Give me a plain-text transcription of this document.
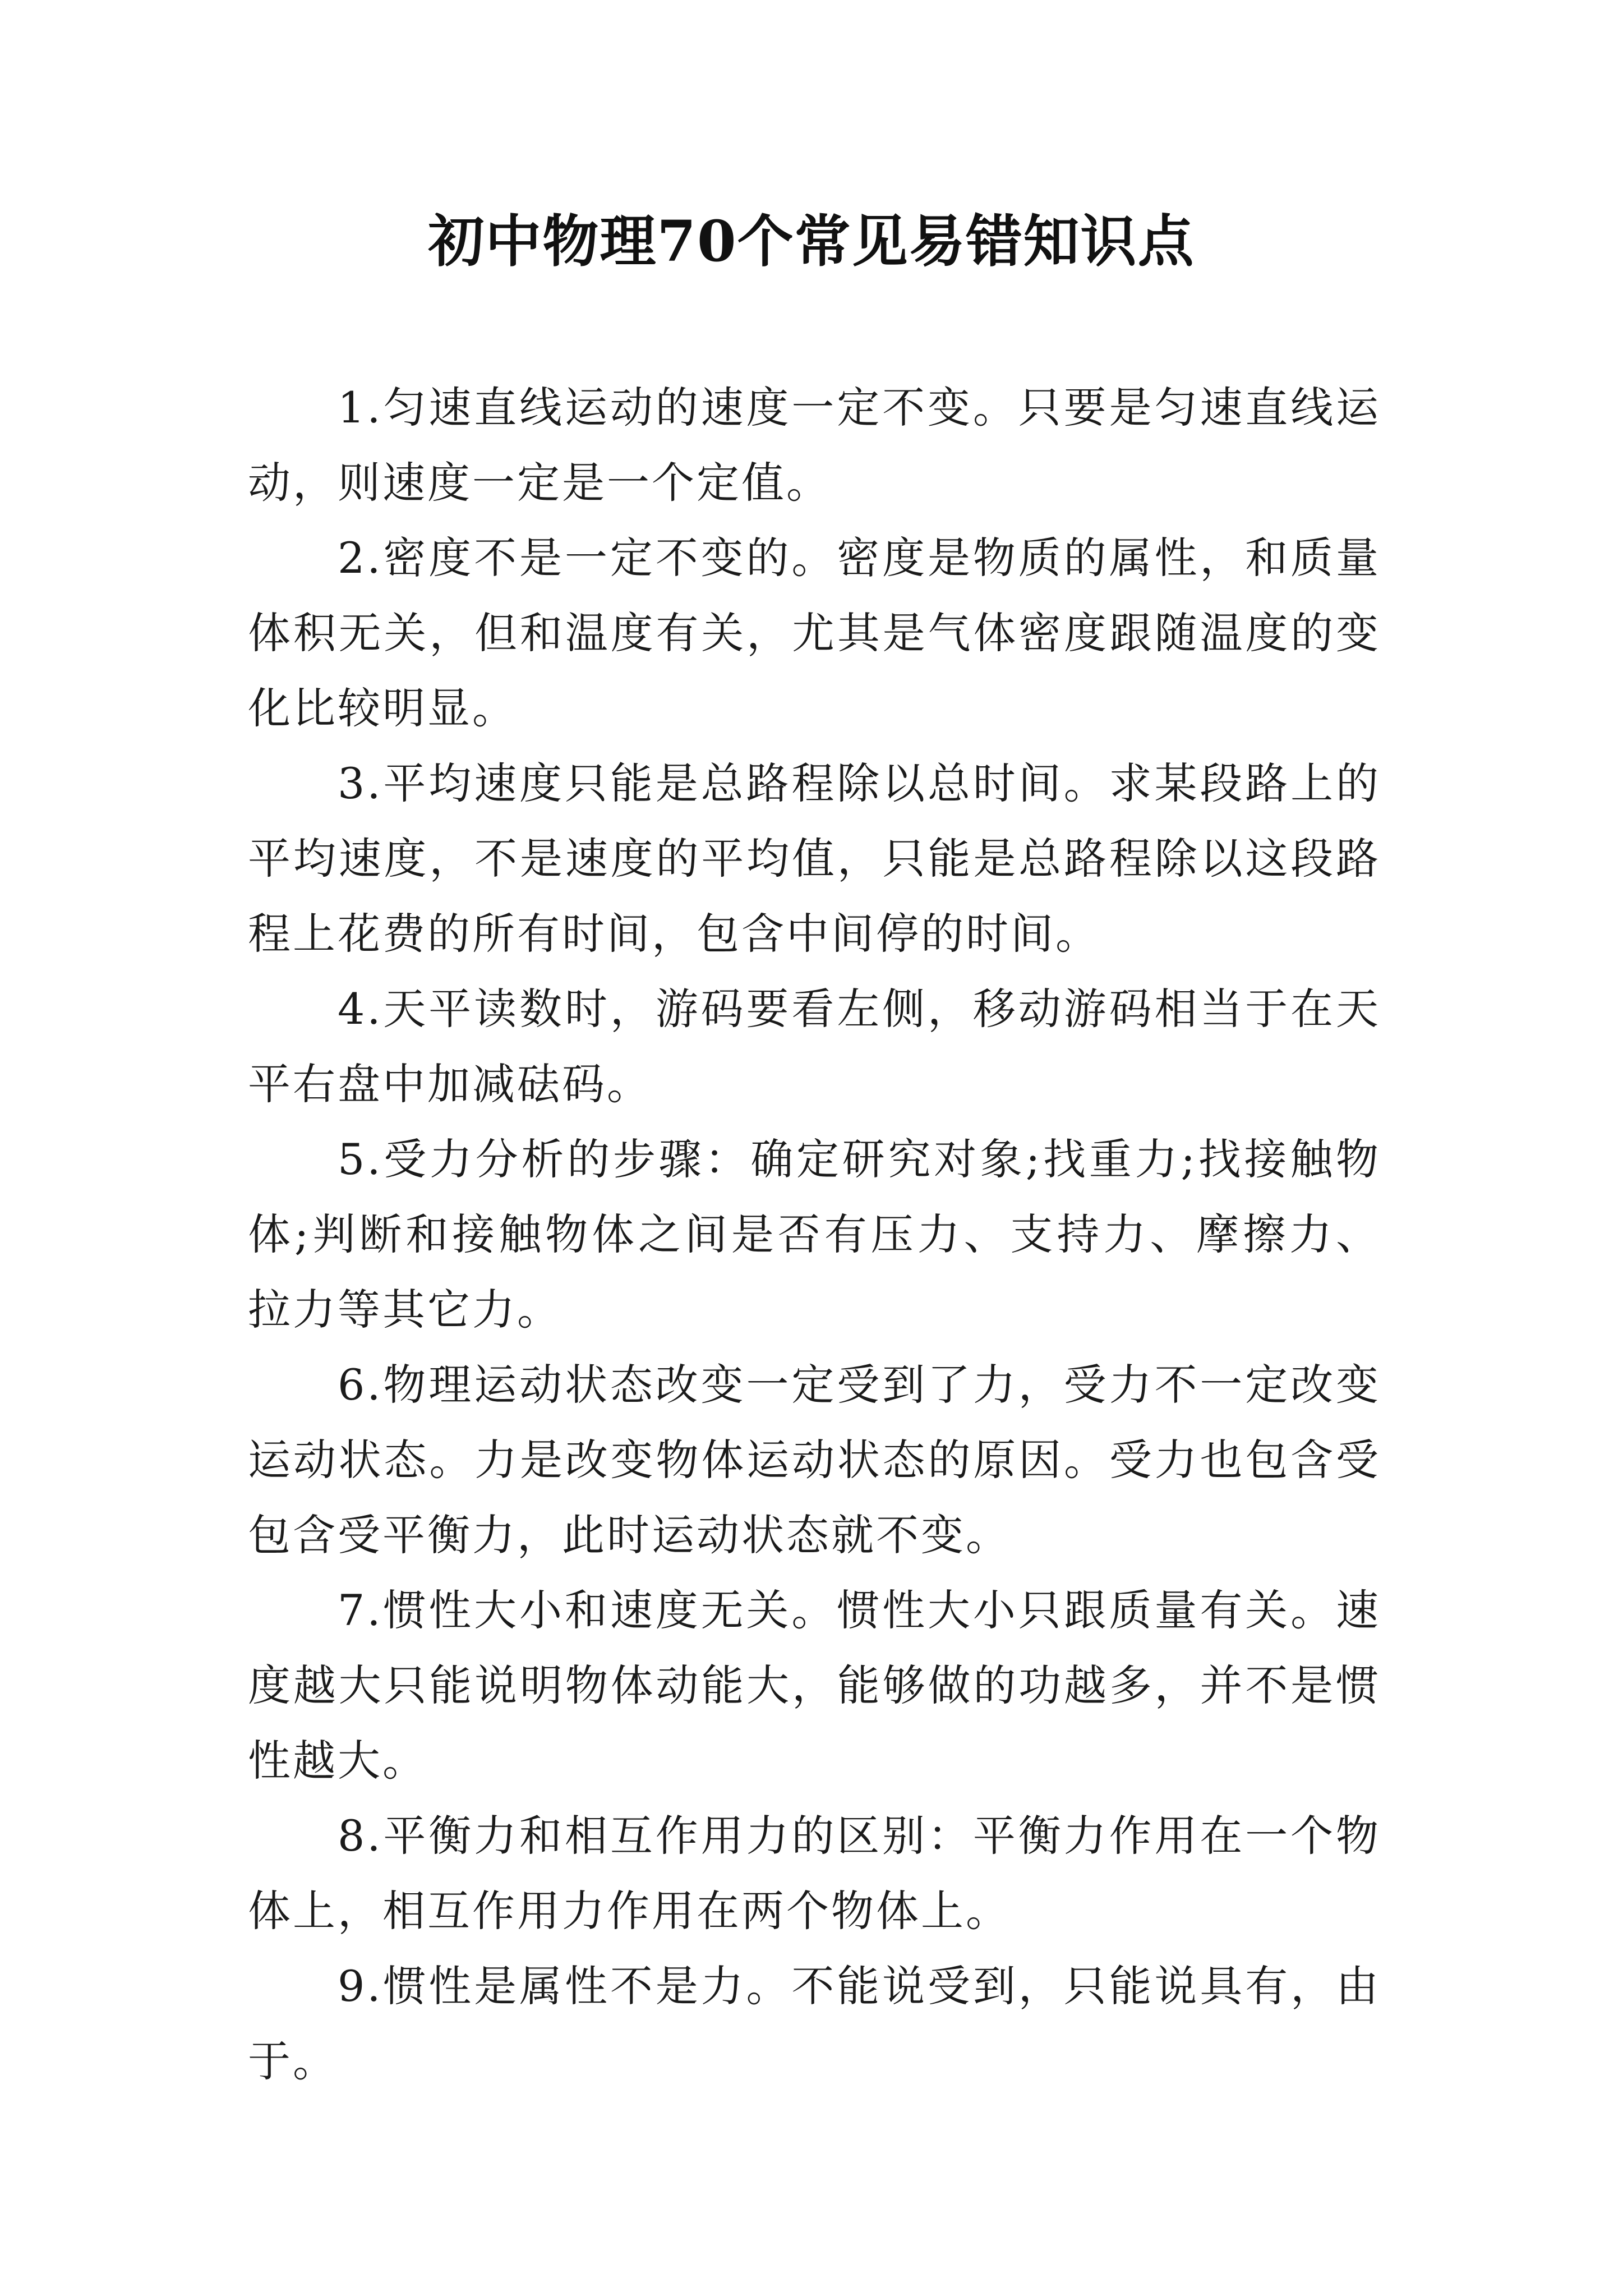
初中物理70个常见易错知识点

1.匀速直线运动的速度一定不变。只要是匀速直线运动，则速度一定是一个定值。

2.密度不是一定不变的。密度是物质的属性，和质量体积无关，但和温度有关，尤其是气体密度跟随温度的变化比较明显。

3.平均速度只能是总路程除以总时间。求某段路上的平均速度，不是速度的平均值，只能是总路程除以这段路程上花费的所有时间，包含中间停的时间。

4.天平读数时，游码要看左侧，移动游码相当于在天平右盘中加减砝码。

5.受力分析的步骤：确定研究对象;找重力;找接触物体;判断和接触物体之间是否有压力、支持力、摩擦力、拉力等其它力。

6.物理运动状态改变一定受到了力，受力不一定改变运动状态。力是改变物体运动状态的原因。受力也包含受包含受平衡力，此时运动状态就不变。

7.惯性大小和速度无关。惯性大小只跟质量有关。速度越大只能说明物体动能大，能够做的功越多，并不是惯性越大。

8.平衡力和相互作用力的区别：平衡力作用在一个物体上，相互作用力作用在两个物体上。

9.惯性是属性不是力。不能说受到，只能说具有，由于。
